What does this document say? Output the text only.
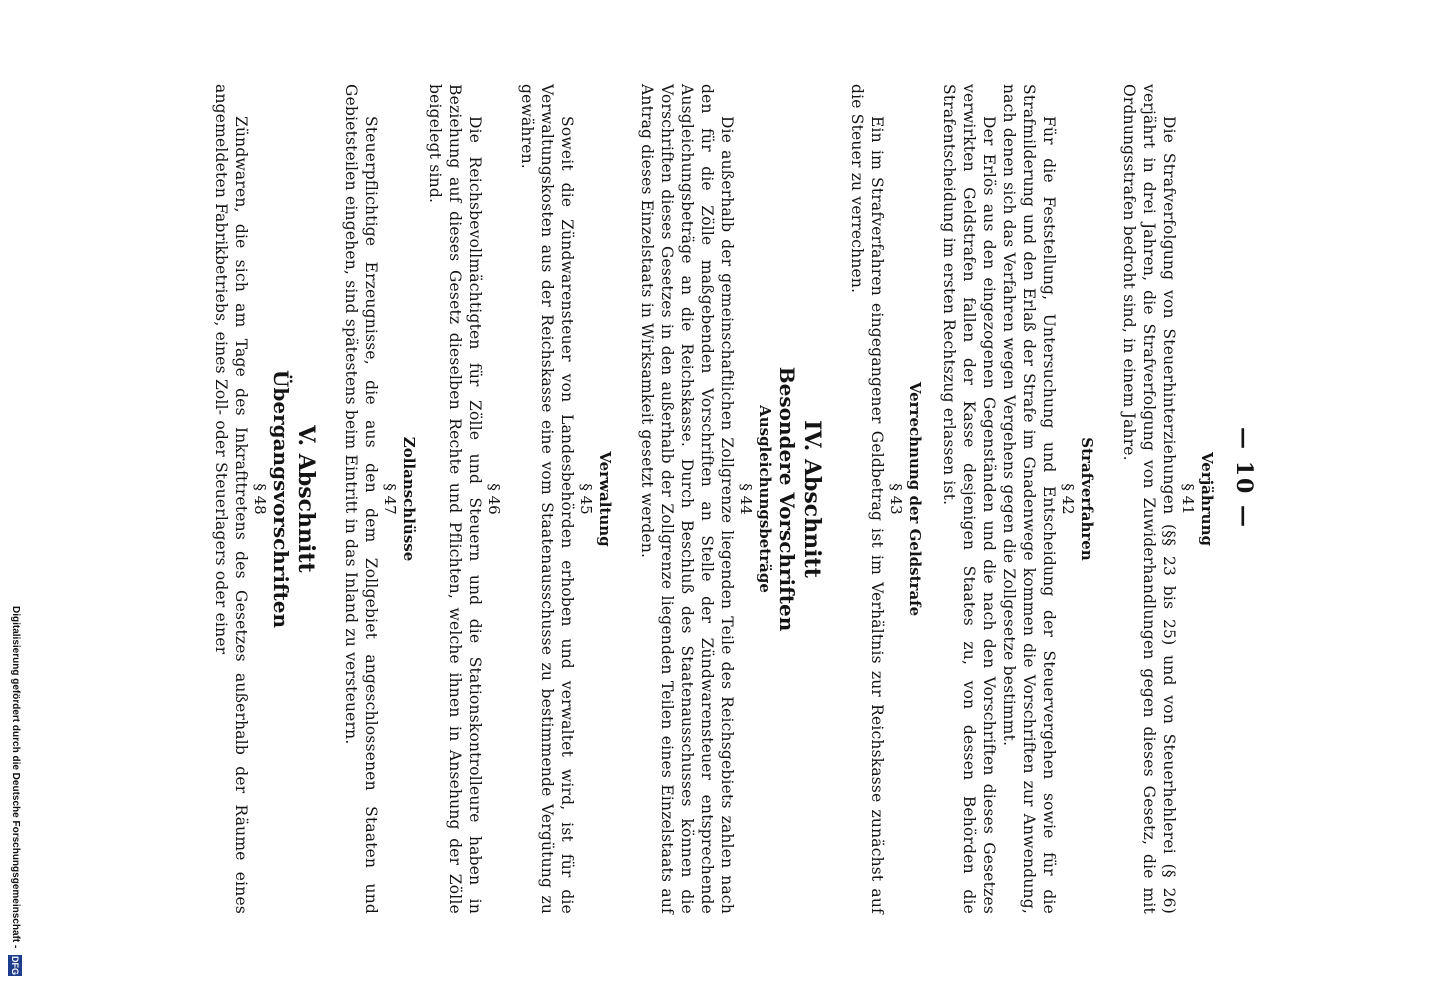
Digitalisierung gefördert durch die Deutsche Forschungsgemeinschaft - DFG
— 10 —

Verjährung

§ 41

Die Strafverfolgung von Steuerhinterziehungen (§§ 23 bis 25) und von Steuerhehlerei (§ 26) verjährt in drei Jahren, die Strafverfolgung von Zuwiderhandlungen gegen dieses Gesetz, die mit Ordnungsstrafen bedroht sind, in einem Jahre.

Strafverfahren

§ 42

Für die Feststellung, Untersuchung und Entscheidung der Steuervergehen sowie für die Strafmilderung und den Erlaß der Strafe im Gnadenwege kommen die Vorschriften zur Anwendung, nach denen sich das Verfahren wegen Vergehens gegen die Zollgesetze bestimmt.

Der Erlös aus den eingezogenen Gegenständen und die nach den Vorschriften dieses Gesetzes verwirkten Geldstrafen fallen der Kasse desjenigen Staates zu, von dessen Behörden die Strafentscheidung im ersten Rechtszug erlassen ist.

Verrechnung der Geldstrafe

§ 43

Ein im Strafverfahren eingegangener Geldbetrag ist im Verhältnis zur Reichskasse zunächst auf die Steuer zu verrechnen.

IV. Abschnitt

Besondere Vorschriften

Ausgleichungsbeträge

§ 44

Die außerhalb der gemeinschaftlichen Zollgrenze liegenden Teile des Reichsgebiets zahlen nach den für die Zölle maßgebenden Vorschriften an Stelle der Zündwarensteuer entsprechende Ausgleichungsbeträge an die Reichskasse. Durch Beschluß des Staatenausschusses können die Vorschriften dieses Gesetzes in den außerhalb der Zollgrenze liegenden Teilen eines Einzelstaats auf Antrag dieses Einzelstaats in Wirksamkeit gesetzt werden.

Verwaltung

§ 45

Soweit die Zündwarensteuer von Landesbehörden erhoben und verwaltet wird, ist für die Verwaltungskosten aus der Reichskasse eine vom Staatenausschusse zu bestimmende Vergütung zu gewähren.

§ 46

Die Reichsbevollmächtigten für Zölle und Steuern und die Stationskontrolleure haben in Beziehung auf dieses Gesetz dieselben Rechte und Pflichten, welche ihnen in Ansehung der Zölle beigelegt sind.

Zollanschlüsse

§ 47

Steuerpflichtige Erzeugnisse, die aus den dem Zollgebiet angeschlossenen Staaten und Gebietsteilen eingehen, sind spätestens beim Eintritt in das Inland zu versteuern.

V. Abschnitt

Übergangsvorschriften

§ 48

Zündwaren, die sich am Tage des Inkrafttretens des Gesetzes außerhalb der Räume eines angemeldeten Fabrikbetriebs, eines Zoll- oder Steuerlagers oder einer
